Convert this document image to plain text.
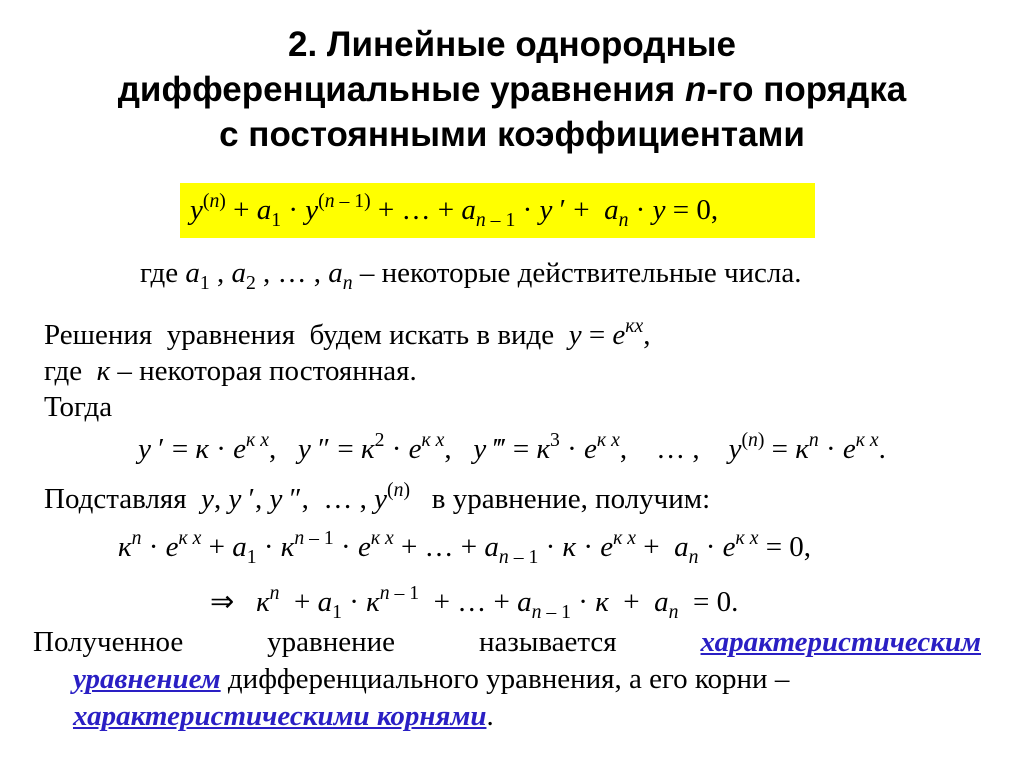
2. Линейные однородные
дифференциальные уравнения n-го порядка
с постоянными коэффициентами
$y^{(n)} + a_1 \cdot y^{(n - 1)}$ + … + $a_{n - 1} \cdot y$ ′ +  $a_n \cdot y = 0$,
где $a_1$ , $a_2$ , … , $a_n$ – некоторые действительные числа.
Решения  уравнения  будем искать в виде  $y = e^{кx}$,
где  к – некоторая постоянная.
Тогда
y ′ = $к \cdot e^{к x}$,   y ″ = $к^2 \cdot e^{к x}$,   y ‴ = $к^3 \cdot e^{к x}$,    … ,    $y^{(n)} = к^n \cdot e^{к x}$.
Подставляя  y, y ′, y ″,  … , $y^{(n)}$   в уравнение, получим:
$к^n \cdot e^{к x} + a_1 \cdot к^{n - 1} \cdot e^{к x}$ + … + $a_{n - 1} \cdot к \cdot e^{к x} + a_n \cdot e^{к x} = 0$,
⇒   $к^n + a_1 \cdot к^{n - 1}$  + … + $a_{n - 1} \cdot к + a_n = 0$.
Полученное уравнение называется характеристическим
уравнением дифференциального уравнения, а его корни –
характеристическими корнями.
